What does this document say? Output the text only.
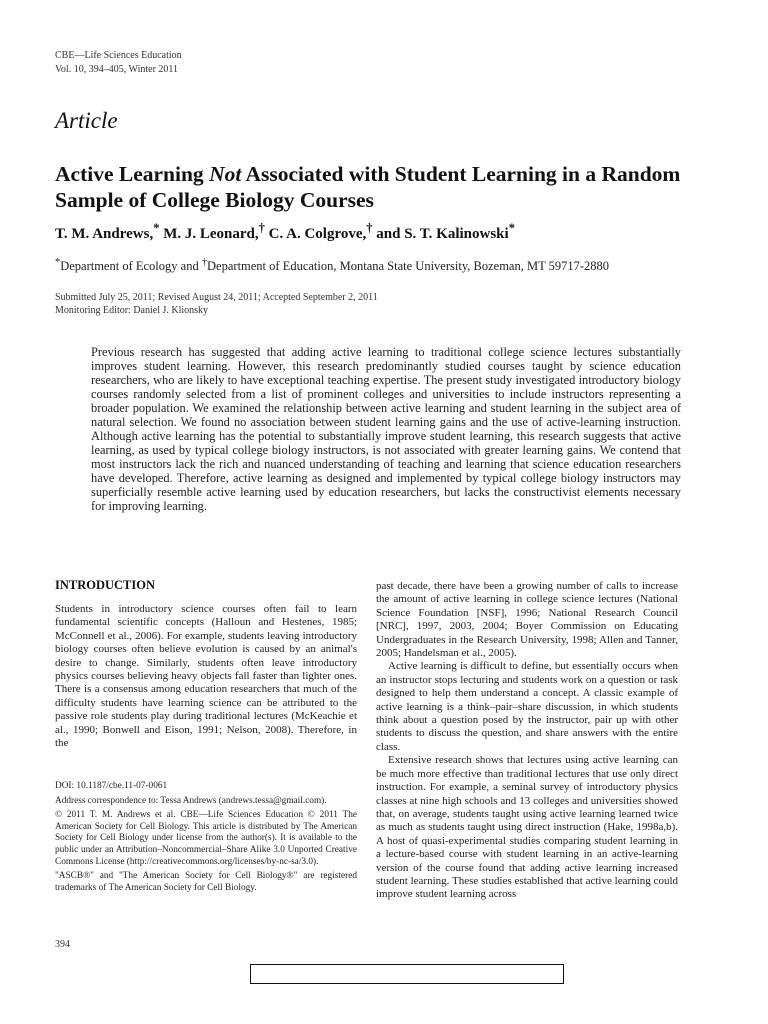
CBE—Life Sciences Education
Vol. 10, 394–405, Winter 2011
Article
Active Learning Not Associated with Student Learning in a Random Sample of College Biology Courses
T. M. Andrews,* M. J. Leonard,† C. A. Colgrove,† and S. T. Kalinowski*
*Department of Ecology and †Department of Education, Montana State University, Bozeman, MT 59717-2880
Submitted July 25, 2011; Revised August 24, 2011; Accepted September 2, 2011
Monitoring Editor: Daniel J. Klionsky
Previous research has suggested that adding active learning to traditional college science lectures substantially improves student learning. However, this research predominantly studied courses taught by science education researchers, who are likely to have exceptional teaching expertise. The present study investigated introductory biology courses randomly selected from a list of prominent colleges and universities to include instructors representing a broader population. We examined the relationship between active learning and student learning in the subject area of natural selection. We found no association between student learning gains and the use of active-learning instruction. Although active learning has the potential to substantially improve student learning, this research suggests that active learning, as used by typical college biology instructors, is not associated with greater learning gains. We contend that most instructors lack the rich and nuanced understanding of teaching and learning that science education researchers have developed. Therefore, active learning as designed and implemented by typical college biology instructors may superficially resemble active learning used by education researchers, but lacks the constructivist elements necessary for improving learning.
INTRODUCTION

Students in introductory science courses often fail to learn fundamental scientific concepts (Halloun and Hestenes, 1985; McConnell et al., 2006). For example, students leaving introductory biology courses often believe evolution is caused by an animal's desire to change. Similarly, students often leave introductory physics courses believing heavy objects fall faster than lighter ones. There is a consensus among education researchers that much of the difficulty students have learning science can be attributed to the passive role students play during traditional lectures (McKeachie et al., 1990; Bonwell and Eison, 1991; Nelson, 2008). Therefore, in the

DOI: 10.1187/cbe.11-07-0061

Address correspondence to: Tessa Andrews (andrews.tessa@gmail.com).

© 2011 T. M. Andrews et al. CBE—Life Sciences Education © 2011 The American Society for Cell Biology. This article is distributed by The American Society for Cell Biology under license from the author(s). It is available to the public under an Attribution–Noncommercial–Share Alike 3.0 Unported Creative Commons License (http://creativecommons.org/licenses/by-nc-sa/3.0).

"ASCB®" and "The American Society for Cell Biology®" are registered trademarks of The American Society for Cell Biology.

past decade, there have been a growing number of calls to increase the amount of active learning in college science lectures (National Science Foundation [NSF], 1996; National Research Council [NRC], 1997, 2003, 2004; Boyer Commission on Educating Undergraduates in the Research University, 1998; Allen and Tanner, 2005; Handelsman et al., 2005).

Active learning is difficult to define, but essentially occurs when an instructor stops lecturing and students work on a question or task designed to help them understand a concept. A classic example of active learning is a think–pair–share discussion, in which students think about a question posed by the instructor, pair up with other students to discuss the question, and share answers with the entire class.

Extensive research shows that lectures using active learning can be much more effective than traditional lectures that use only direct instruction. For example, a seminal survey of introductory physics classes at nine high schools and 13 colleges and universities showed that, on average, students taught using active learning learned twice as much as students taught using direct instruction (Hake, 1998a,b). A host of quasi-experimental studies comparing student learning in a lecture-based course with student learning in an active-learning version of the course found that adding active learning increased student learning. These studies established that active learning could improve student learning across

394
